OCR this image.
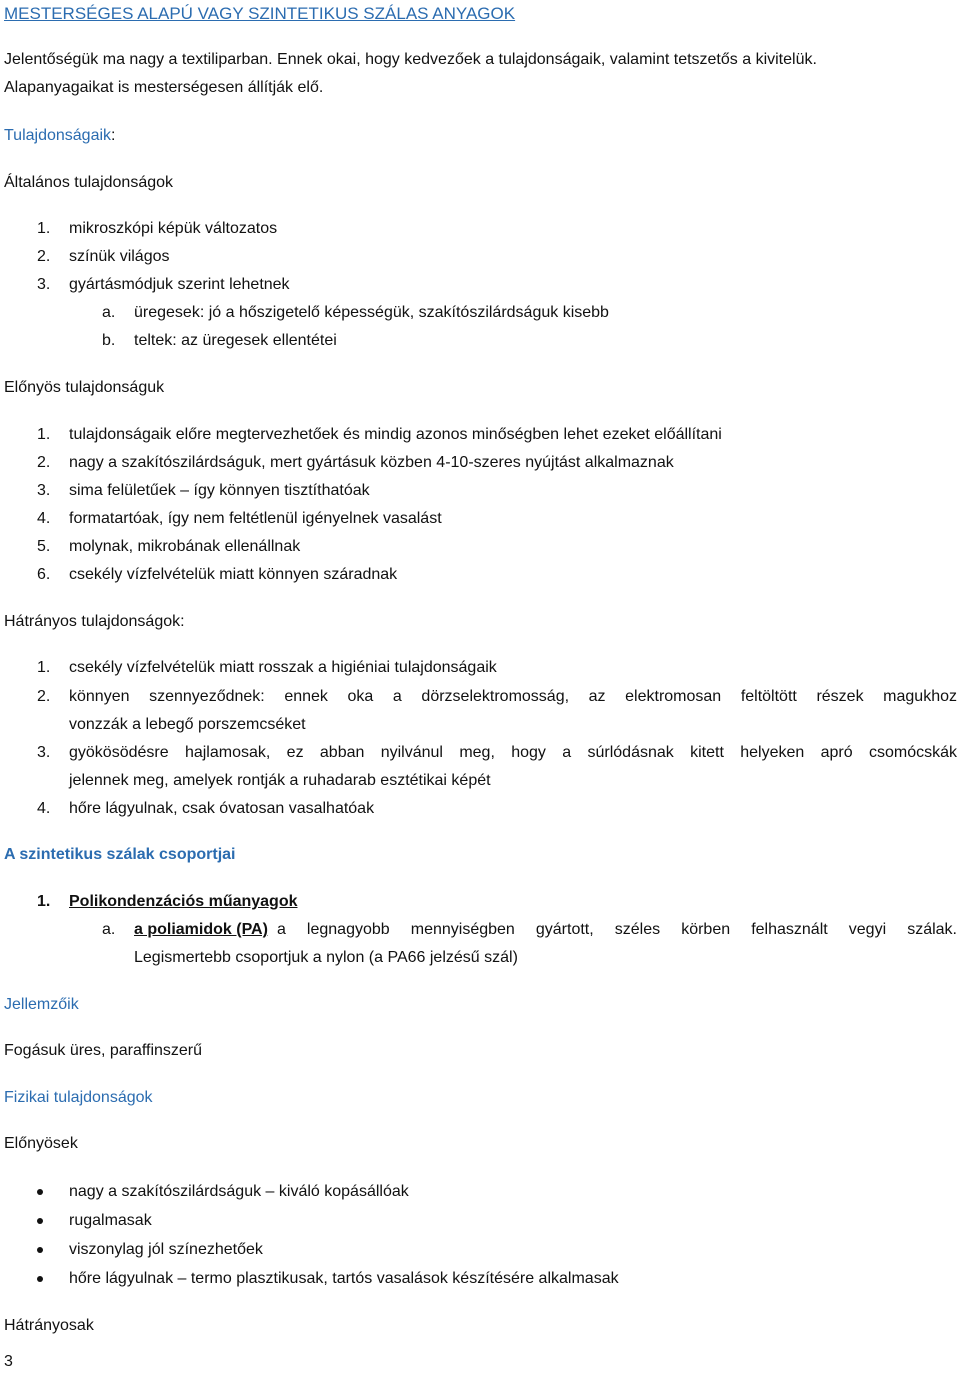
MESTERSÉGES ALAPÚ VAGY SZINTETIKUS SZÁLAS ANYAGOK
Jelentőségük ma nagy a textiliparban. Ennek okai, hogy kedvezőek a tulajdonságaik, valamint tetszetős a kivitelük.
Alapanyagaikat is mesterségesen állítják elő.
Tulajdonságaik:
Általános tulajdonságok
1. mikroszkópi képük változatos
2. színük világos
3. gyártásmódjuk szerint lehetnek
a. üregesek: jó a hőszigetelő képességük, szakítószilárdságuk kisebb
b. teltek: az üregesek ellentétei
Előnyös tulajdonságuk
1. tulajdonságaik előre megtervezhetőek és mindig azonos minőségben lehet ezeket előállítani
2. nagy a szakítószilárdságuk, mert gyártásuk közben 4-10-szeres nyújtást alkalmaznak
3. sima felületűek – így könnyen tisztíthatóak
4. formatartóak, így nem feltétlenül igényelnek vasalást
5. molynak, mikrobának ellenállnak
6. csekély vízfelvételük miatt könnyen száradnak
Hátrányos tulajdonságok:
1. csekély vízfelvételük miatt rosszak a higiéniai tulajdonságaik
2. könnyen szennyeződnek: ennek oka a dörzselektromosság, az elektromosan feltöltött részek magukhoz
vonzzák a lebegő porszemcséket
3. gyökösödésre hajlamosak, ez abban nyilvánul meg, hogy a súrlódásnak kitett helyeken apró csomócskák
jelennek meg, amelyek rontják a ruhadarab esztétikai képét
4. hőre lágyulnak, csak óvatosan vasalhatóak
A szintetikus szálak csoportjai
1. Polikondenzációs műanyagok
a. a poliamidok (PA) a legnagyobb mennyiségben gyártott, széles körben felhasznált vegyi szálak.
Legismertebb csoportjuk a nylon (a PA66 jelzésű szál)
Jellemzőik
Fogásuk üres, paraffinszerű
Fizikai tulajdonságok
Előnyösek
nagy a szakítószilárdságuk – kiváló kopásállóak
rugalmasak
viszonylag jól színezhetőek
hőre lágyulnak – termo plasztikusak, tartós vasalások készítésére alkalmasak
Hátrányosak
3
